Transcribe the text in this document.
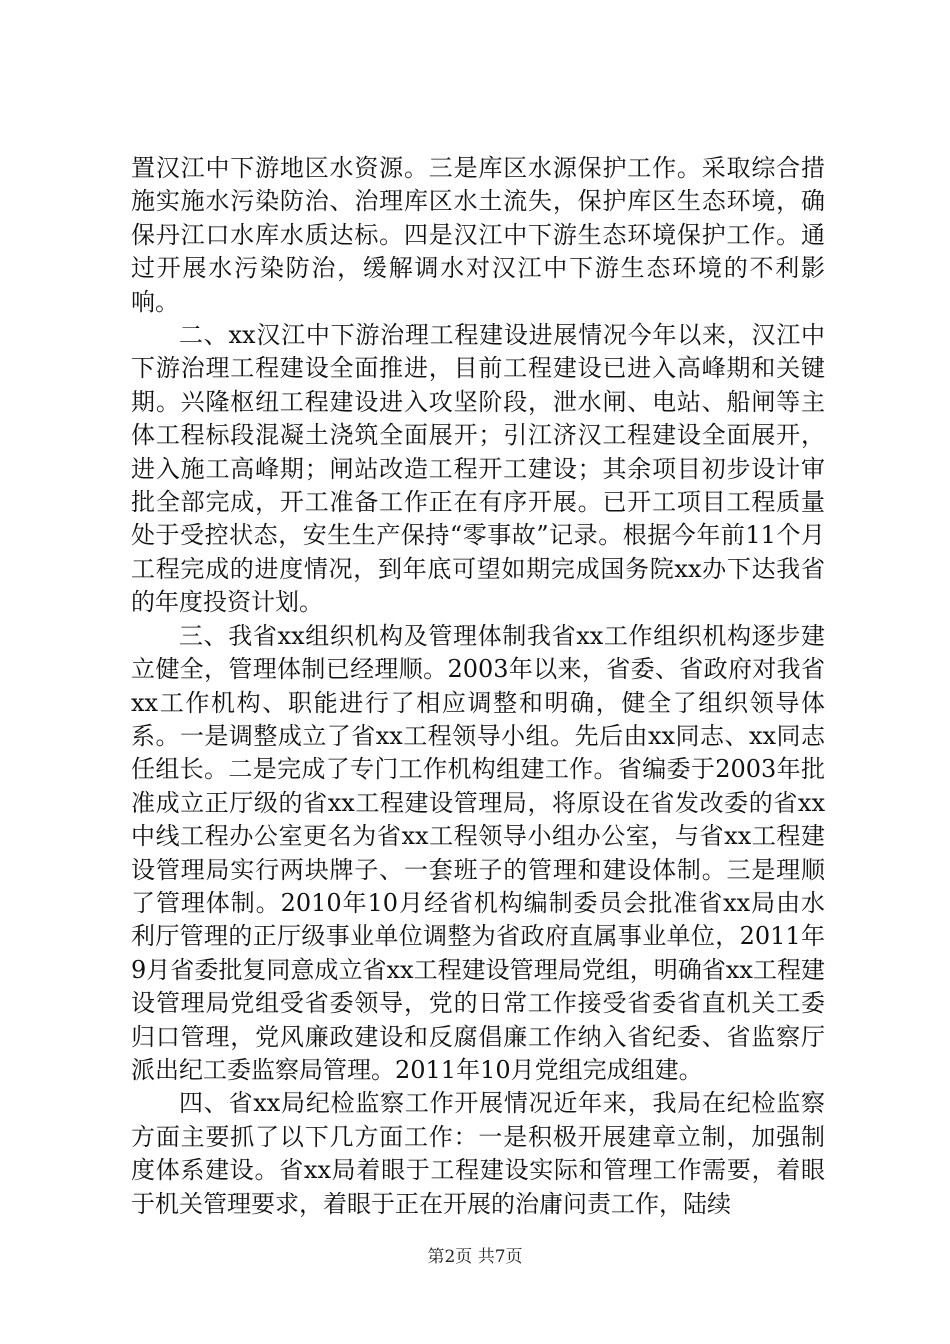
置汉江中下游地区水资源。三是库区水源保护工作。采取综合措施实施水污染防治、治理库区水土流失，保护库区生态环境，确保丹江口水库水质达标。四是汉江中下游生态环境保护工作。通过开展水污染防治，缓解调水对汉江中下游生态环境的不利影响。

二、xx汉江中下游治理工程建设进展情况今年以来，汉江中下游治理工程建设全面推进，目前工程建设已进入高峰期和关键期。兴隆枢纽工程建设进入攻坚阶段，泄水闸、电站、船闸等主体工程标段混凝土浇筑全面展开；引江济汉工程建设全面展开，进入施工高峰期；闸站改造工程开工建设；其余项目初步设计审批全部完成，开工准备工作正在有序开展。已开工项目工程质量处于受控状态，安生生产保持“零事故”记录。根据今年前11个月工程完成的进度情况，到年底可望如期完成国务院xx办下达我省的年度投资计划。

三、我省xx组织机构及管理体制我省xx工作组织机构逐步建立健全，管理体制已经理顺。2003年以来，省委、省政府对我省xx工作机构、职能进行了相应调整和明确，健全了组织领导体系。一是调整成立了省xx工程领导小组。先后由xx同志、xx同志任组长。二是完成了专门工作机构组建工作。省编委于2003年批准成立正厅级的省xx工程建设管理局，将原设在省发改委的省xx中线工程办公室更名为省xx工程领导小组办公室，与省xx工程建设管理局实行两块牌子、一套班子的管理和建设体制。三是理顺了管理体制。2010年10月经省机构编制委员会批准省xx局由水利厅管理的正厅级事业单位调整为省政府直属事业单位，2011年9月省委批复同意成立省xx工程建设管理局党组，明确省xx工程建设管理局党组受省委领导，党的日常工作接受省委省直机关工委归口管理，党风廉政建设和反腐倡廉工作纳入省纪委、省监察厅派出纪工委监察局管理。2011年10月党组完成组建。

四、省xx局纪检监察工作开展情况近年来，我局在纪检监察方面主要抓了以下几方面工作：一是积极开展建章立制，加强制度体系建设。省xx局着眼于工程建设实际和管理工作需要，着眼于机关管理要求，着眼于正在开展的治庸问责工作，陆续

第2页 共7页
